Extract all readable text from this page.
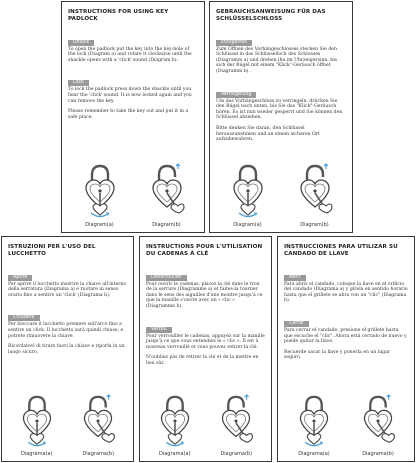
INSTRUCTIONS FOR USING KEY PADLOCK
Unlock
To open the padlock put the key into the key-hole of the lock (Diagram a) and rotate it clockwise until the shackle opens with a 'click' sound (Diagram b).
Lock
To lock the padlock press down the shackle until you hear the 'click' sound. It is now locked again and you can remove the key.
Please remember to take the key out and put it in a safe place.
Diagram(a)	Diagram(b)
GEBRAUCHSANWEISUNG FÜR DAS SCHLÜSSELSCHLOSS
Entsperren
Zum Öffnen des Vorhängeschlosses stecken Sie den Schlüssel in das Schlüsselloch des Schlosses (Diagramm a) und drehen ihn im Uhrzeigersinn, bis sich der Bügel mit einem "Klick"-Geräusch öffnet (Diagramm b).
Verriegelung
Um das Vorhängeschloss zu verriegeln, drücken Sie den Bügel nach unten, bis Sie das "Klick"-Geräusch hören. Es ist nun wieder gesperrt und Sie können den Schlüssel abziehen.
Bitte denken Sie daran, den Schlüssel herauszunehmen und an einem sicheren Ort aufzubewahren.
Diagram(a)	Diagram(b)
ISTRUZIONI PER L'USO DEL LUCCHETTO
Aprire
Per aprire il lucchetto inserire la chiave all'interno della serratura (Diagrama a) e ruotare in senso orario fino a sentire un 'click' (Diagrama b).
Chiudere
Per bloccare il lucchetto premere sull'arco fino a sentire un click. Il lucchetto sarà quindi chiuso, e potrete rimuovere la chiave.
Ricordatevi di tirare fuori la chiave e riporla in un luogo sicuro.
Diagrama(a)	Diagrama(b)
INSTRUCTIONS POUR L'UTILISATION DU CADENAS À CLÉ
Déverrouiller
Pour ouvrir le cadenas, placez la clé dans le trou de la serrure (Diagramme a) et faites-la tourner dans le sens des aiguilles d'une montre jusqu'à ce que la manille s'ouvre avec un « clic » (Diagramme b).
Verrou
Pour verrouiller le cadenas, appuyez sur la manille jusqu'à ce que vous entendiez le « clic ». Il est à nouveau verrouillé et vous pouvez retirer la clé.
N'oubliez pas de retirer la clé et de la mettre en lieu sûr.
Diagrama(a)	Diagrama(b)
INSTRUCCIONES PARA UTILIZAR SU CANDADO DE LLAVE
Abrir
Para abrir el candado, coloque la llave en el orificio del candado (Diagrama a) y gírela en sentido horario hasta que el grillete se abra con un "clic" (Diagrama b).
Cerrar
Para cerrar el candado, presione el grillete hasta que escuche el "clic". Ahora está cerrado de nuevo y puede quitar la llave.
Recuerde sacar la llave y ponerla en un lugar seguro.
Diagrama(a)	Diagrama(b)
